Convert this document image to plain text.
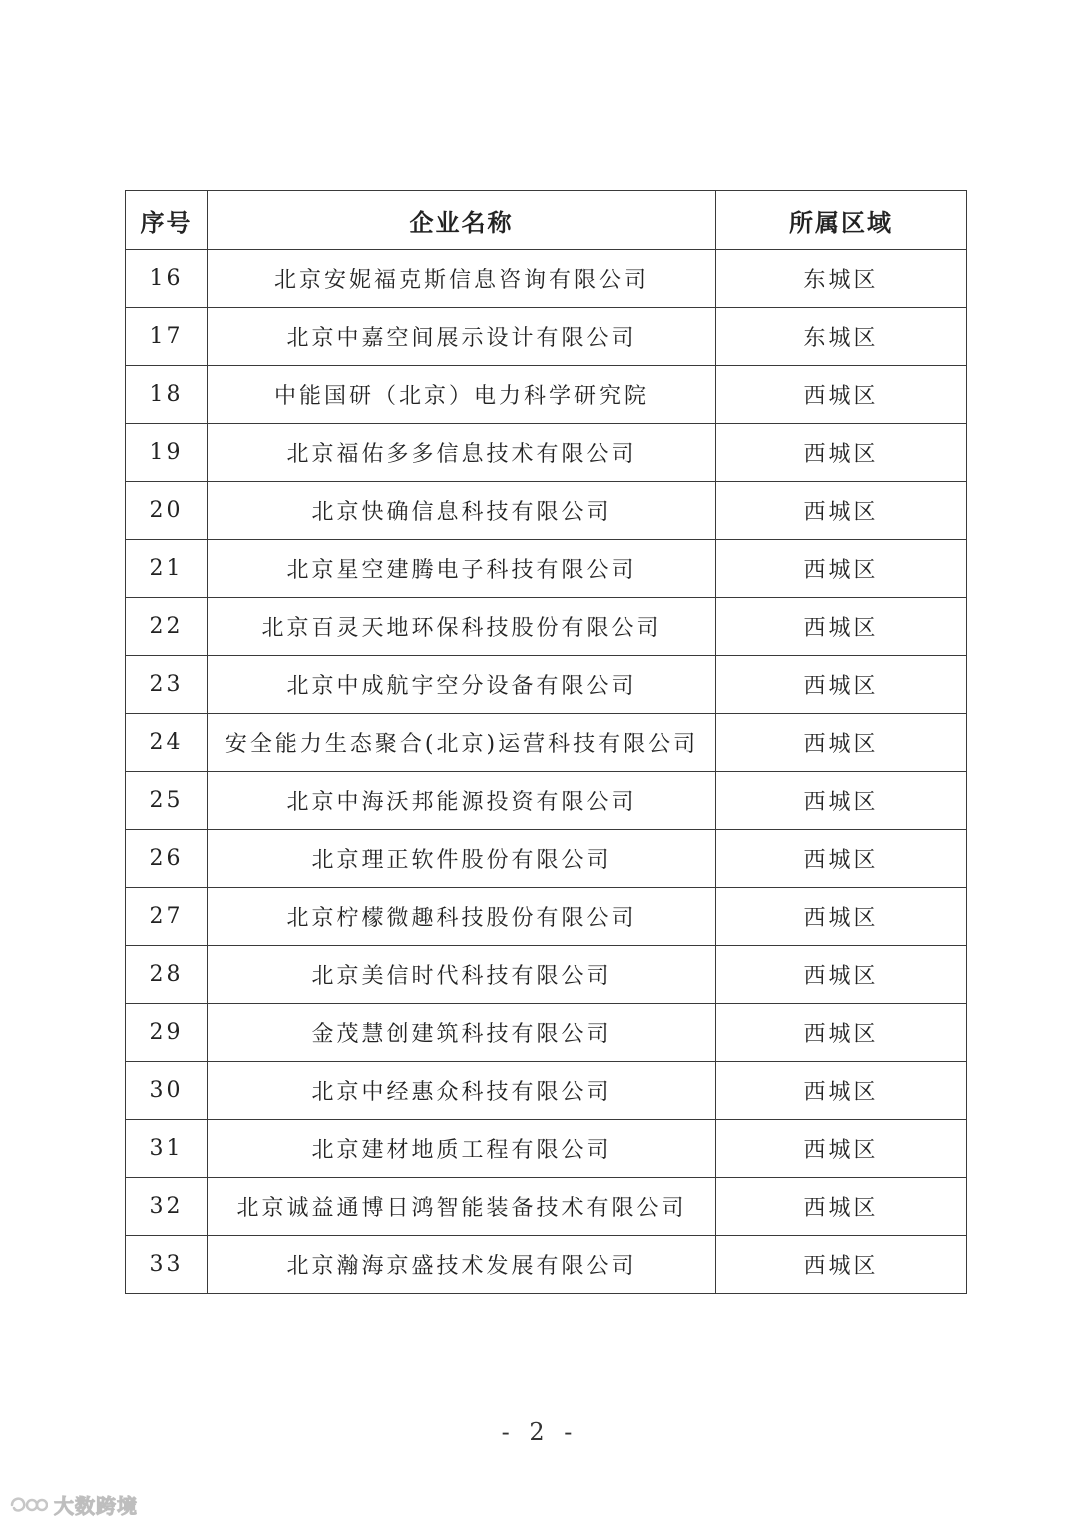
序号	企业名称	所属区域
16	北京安妮福克斯信息咨询有限公司	东城区
17	北京中嘉空间展示设计有限公司	东城区
18	中能国研（北京）电力科学研究院	西城区
19	北京福佑多多信息技术有限公司	西城区
20	北京快确信息科技有限公司	西城区
21	北京星空建腾电子科技有限公司	西城区
22	北京百灵天地环保科技股份有限公司	西城区
23	北京中成航宇空分设备有限公司	西城区
24	安全能力生态聚合(北京)运营科技有限公司	西城区
25	北京中海沃邦能源投资有限公司	西城区
26	北京理正软件股份有限公司	西城区
27	北京柠檬微趣科技股份有限公司	西城区
28	北京美信时代科技有限公司	西城区
29	金茂慧创建筑科技有限公司	西城区
30	北京中经惠众科技有限公司	西城区
31	北京建材地质工程有限公司	西城区
32	北京诚益通博日鸿智能装备技术有限公司	西城区
33	北京瀚海京盛技术发展有限公司	西城区
- 2 -
大数跨境
